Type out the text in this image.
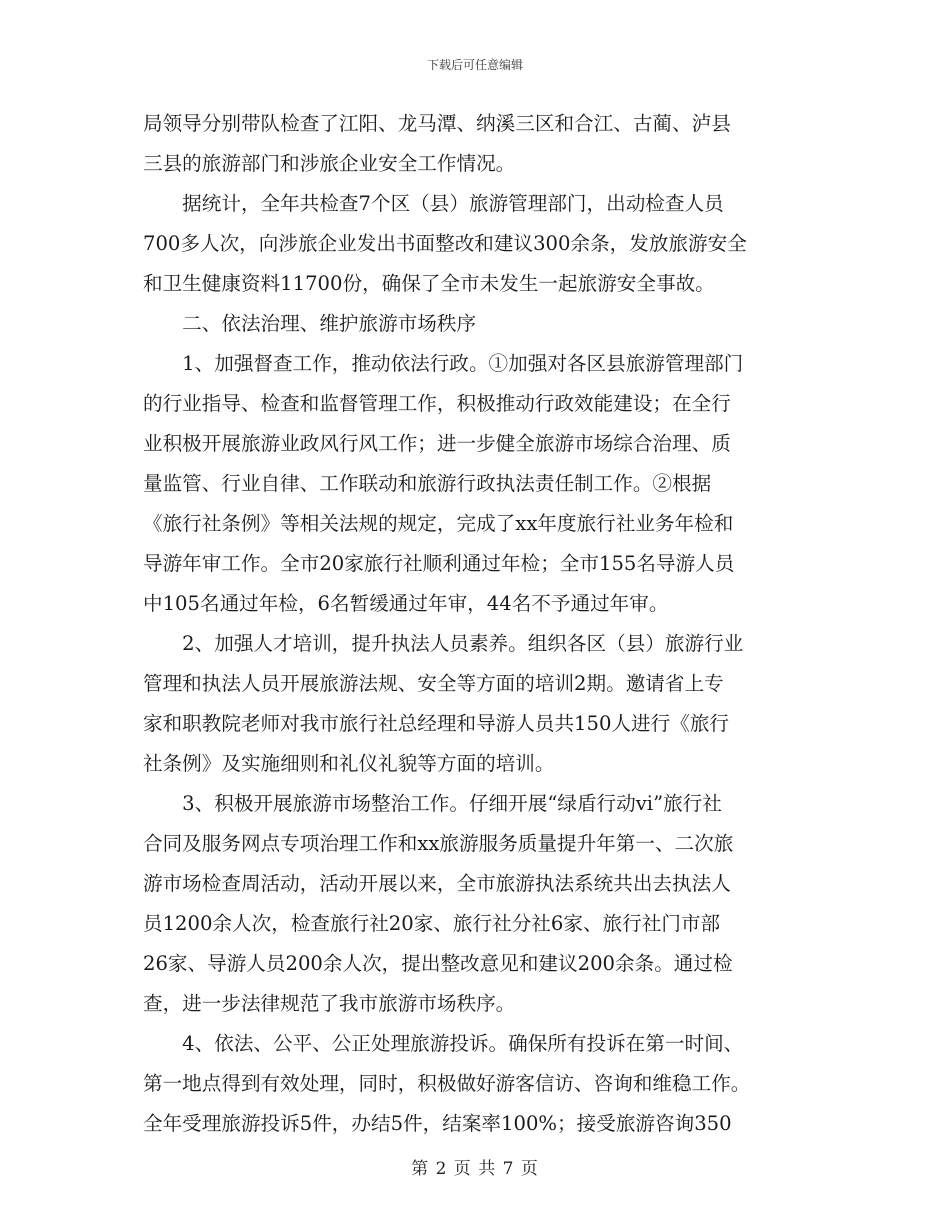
下载后可任意编辑
局领导分别带队检查了江阳、龙马潭、纳溪三区和合江、古蔺、泸县
三县的旅游部门和涉旅企业安全工作情况。
　　据统计，全年共检查7个区（县）旅游管理部门，出动检查人员
700多人次，向涉旅企业发出书面整改和建议300余条，发放旅游安全
和卫生健康资料11700份，确保了全市未发生一起旅游安全事故。
　　二、依法治理、维护旅游市场秩序
　　1、加强督查工作，推动依法行政。①加强对各区县旅游管理部门
的行业指导、检查和监督管理工作，积极推动行政效能建设；在全行
业积极开展旅游业政风行风工作；进一步健全旅游市场综合治理、质
量监管、行业自律、工作联动和旅游行政执法责任制工作。②根据
《旅行社条例》等相关法规的规定，完成了xx年度旅行社业务年检和
导游年审工作。全市20家旅行社顺利通过年检；全市155名导游人员
中105名通过年检，6名暂缓通过年审，44名不予通过年审。
　　2、加强人才培训，提升执法人员素养。组织各区（县）旅游行业
管理和执法人员开展旅游法规、安全等方面的培训2期。邀请省上专
家和职教院老师对我市旅行社总经理和导游人员共150人进行《旅行
社条例》及实施细则和礼仪礼貌等方面的培训。
　　3、积极开展旅游市场整治工作。仔细开展“绿盾行动vi”旅行社
合同及服务网点专项治理工作和xx旅游服务质量提升年第一、二次旅
游市场检查周活动，活动开展以来，全市旅游执法系统共出去执法人
员1200余人次，检查旅行社20家、旅行社分社6家、旅行社门市部
26家、导游人员200余人次，提出整改意见和建议200余条。通过检
查，进一步法律规范了我市旅游市场秩序。
　　4、依法、公平、公正处理旅游投诉。确保所有投诉在第一时间、
第一地点得到有效处理，同时，积极做好游客信访、咨询和维稳工作。
全年受理旅游投诉5件，办结5件，结案率100%；接受旅游咨询350
第 2 页 共 7 页
